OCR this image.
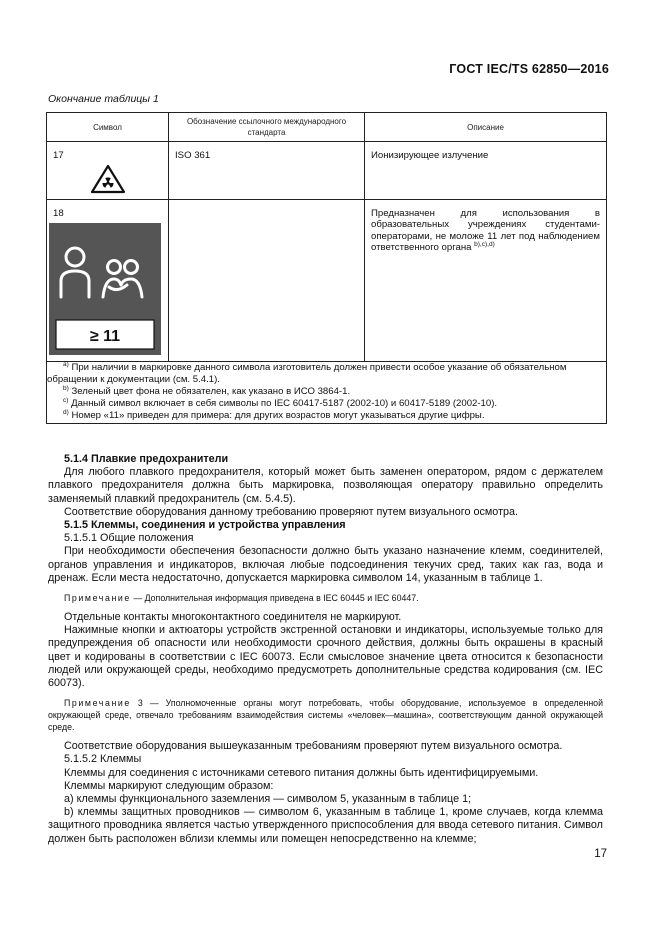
ГОСТ IEC/TS 62850—2016
Окончание таблицы 1
Символ	Обозначение ссылочного международного стандарта	Описание

17	ISO 361	Ионизирующее излучение

18
≥ 11		Предназначен для использования в образовательных учреждениях студентами-операторами, не моложе 11 лет под наблюдением ответственного органа $^{b),c),d)}$

$^{a)}$ При наличии в маркировке данного символа изготовитель должен привести особое указание об обязательном обращении к документации (см. 5.4.1).

$^{b)}$ Зеленый цвет фона не обязателен, как указано в ИСО 3864-1.

$^{c)}$ Данный символ включает в себя символы по IEC 60417-5187 (2002-10) и 60417-5189 (2002-10).

$^{d)}$ Номер «11» приведен для примера: для других возрастов могут указываться другие цифры.		

5.1.4 Плавкие предохранители

Для любого плавкого предохранителя, который может быть заменен оператором, рядом с держателем плавкого предохранителя должна быть маркировка, позволяющая оператору правильно определить заменяемый плавкий предохранитель (см. 5.4.5).

Соответствие оборудования данному требованию проверяют путем визуального осмотра.

5.1.5 Клеммы, соединения и устройства управления

5.1.5.1 Общие положения

При необходимости обеспечения безопасности должно быть указано назначение клемм, соединителей, органов управления и индикаторов, включая любые подсоединения текучих сред, таких как газ, вода и дренаж. Если места недостаточно, допускается маркировка символом 14, указанным в таблице 1.

Примечание — Дополнительная информация приведена в IEC 60445 и IEC 60447.

Отдельные контакты многоконтактного соединителя не маркируют.

Нажимные кнопки и актюаторы устройств экстренной остановки и индикаторы, используемые только для предупреждения об опасности или необходимости срочного действия, должны быть окрашены в красный цвет и кодированы в соответствии с IEC 60073. Если смысловое значение цвета относится к безопасности людей или окружающей среды, необходимо предусмотреть дополнительные средства кодирования (см. IEC 60073).

Примечание 3 — Уполномоченные органы могут потребовать, чтобы оборудование, используемое в определенной окружающей среде, отвечало требованиям взаимодействия системы «человек—машина», соответствующим данной окружающей среде.

Соответствие оборудования вышеуказанным требованиям проверяют путем визуального осмотра.

5.1.5.2 Клеммы

Клеммы для соединения с источниками сетевого питания должны быть идентифицируемыми.

Клеммы маркируют следующим образом:

a) клеммы функционального заземления — символом 5, указанным в таблице 1;

b) клеммы защитных проводников — символом 6, указанным в таблице 1, кроме случаев, когда клемма защитного проводника является частью утвержденного приспособления для ввода сетевого питания. Символ должен быть расположен вблизи клеммы или помещен непосредственно на клемме;

17
